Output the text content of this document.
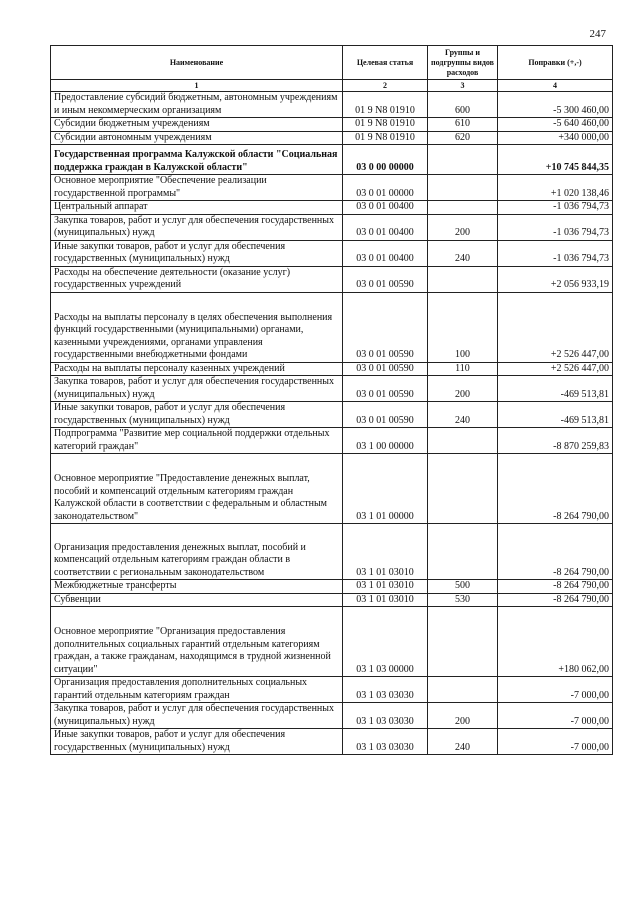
247
Наименование	Целевая статья	Группы и подгруппы видов расходов	Поправки (+,-)
1	2	3	4
Предоставление субсидий бюджетным, автономным учреждениям и иным некоммерческим организациям	01 9 N8 01910	600	-5 300 460,00
Субсидии бюджетным учреждениям	01 9 N8 01910	610	-5 640 460,00
Субсидии автономным учреждениям	01 9 N8 01910	620	+340 000,00
Государственная программа Калужской области "Социальная поддержка граждан в Калужской области"	03 0 00 00000		+10 745 844,35
Основное мероприятие "Обеспечение реализации государственной программы"	03 0 01 00000		+1 020 138,46
Центральный аппарат	03 0 01 00400		-1 036 794,73
Закупка товаров, работ и услуг для обеспечения государственных (муниципальных) нужд	03 0 01 00400	200	-1 036 794,73
Иные закупки товаров, работ и услуг для обеспечения государственных (муниципальных) нужд	03 0 01 00400	240	-1 036 794,73
Расходы на обеспечение деятельности (оказание услуг) государственных учреждений	03 0 01 00590		+2 056 933,19
Расходы на выплаты персоналу в целях обеспечения выполнения функций государственными (муниципальными) органами, казенными учреждениями, органами управления государственными внебюджетными фондами	03 0 01 00590	100	+2 526 447,00
Расходы на выплаты персоналу казенных учреждений	03 0 01 00590	110	+2 526 447,00
Закупка товаров, работ и услуг для обеспечения государственных (муниципальных) нужд	03 0 01 00590	200	-469 513,81
Иные закупки товаров, работ и услуг для обеспечения государственных (муниципальных) нужд	03 0 01 00590	240	-469 513,81
Подпрограмма "Развитие мер социальной поддержки отдельных категорий граждан"	03 1 00 00000		-8 870 259,83
Основное мероприятие "Предоставление денежных выплат, пособий и компенсаций отдельным категориям граждан Калужской области в соответствии с федеральным и областным законодательством"	03 1 01 00000		-8 264 790,00
Организация предоставления денежных выплат, пособий и компенсаций отдельным категориям граждан области в соответствии с региональным законодательством	03 1 01 03010		-8 264 790,00
Межбюджетные трансферты	03 1 01 03010	500	-8 264 790,00
Субвенции	03 1 01 03010	530	-8 264 790,00
Основное мероприятие "Организация предоставления дополнительных социальных гарантий отдельным категориям граждан, а также гражданам, находящимся в трудной жизненной ситуации"	03 1 03 00000		+180 062,00
Организация предоставления дополнительных социальных гарантий отдельным категориям граждан	03 1 03 03030		-7 000,00
Закупка товаров, работ и услуг для обеспечения государственных (муниципальных) нужд	03 1 03 03030	200	-7 000,00
Иные закупки товаров, работ и услуг для обеспечения государственных (муниципальных) нужд	03 1 03 03030	240	-7 000,00
